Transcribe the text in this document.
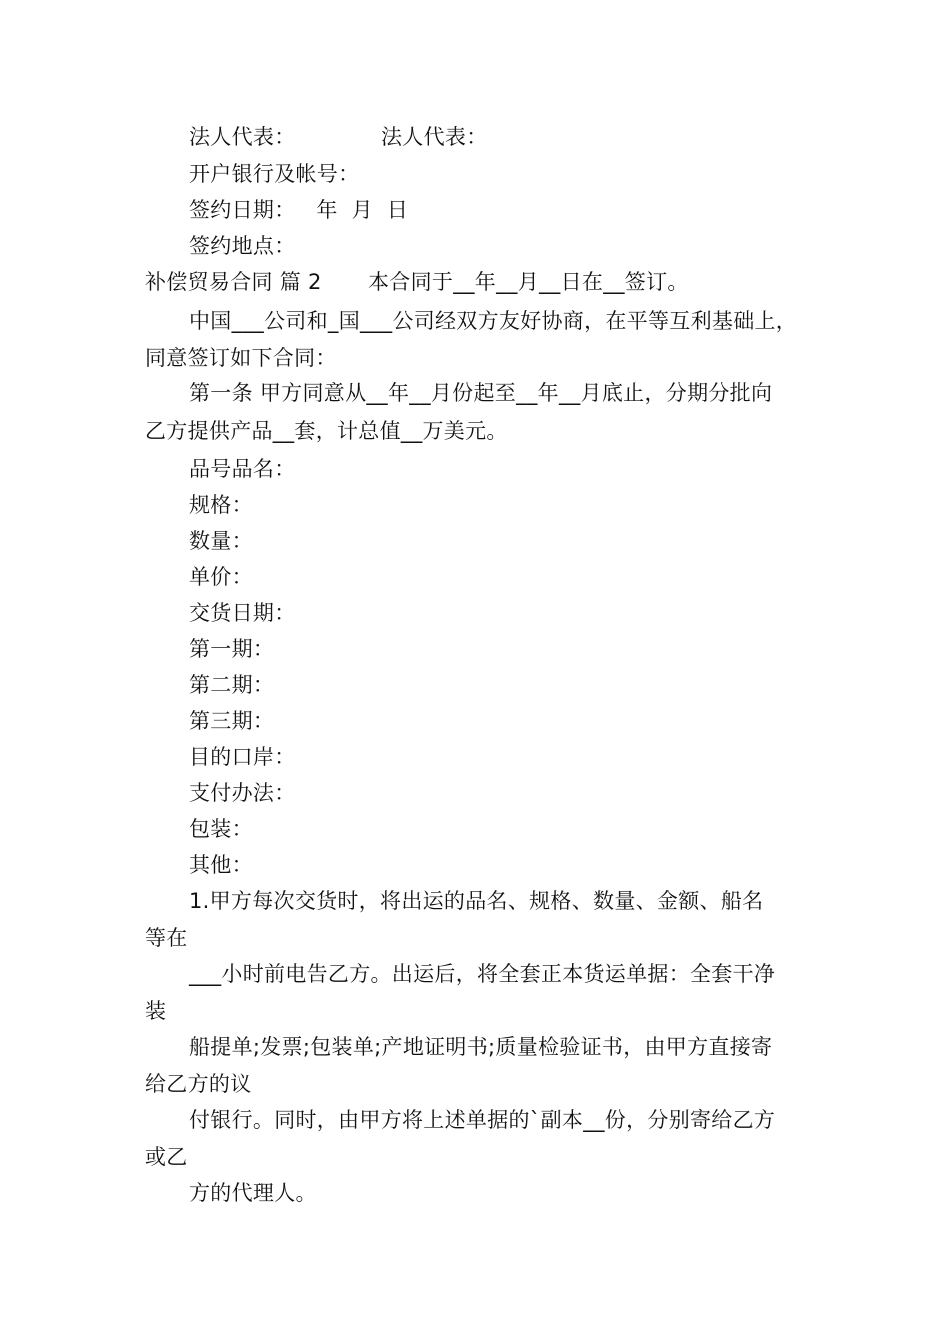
法人代表：	法人代表：
开户银行及帐号：
签约日期：   年  月  日
签约地点：
补偿贸易合同 篇 2 本合同于__年__月__日在__签订。
中国___公司和_国___公司经双方友好协商，在平等互利基础上，
同意签订如下合同：
第一条 甲方同意从__年__月份起至__年__月底止，分期分批向
乙方提供产品__套，计总值__万美元。
品号品名：
规格：
数量：
单价：
交货日期：
第一期：
第二期：
第三期：
目的口岸：
支付办法：
包装：
其他：
1.甲方每次交货时，将出运的品名、规格、数量、金额、船名
等在
___小时前电告乙方。出运后，将全套正本货运单据：全套干净
装
船提单;发票;包装单;产地证明书;质量检验证书，由甲方直接寄
给乙方的议
付银行。同时，由甲方将上述单据的`副本__份，分别寄给乙方
或乙
方的代理人。
